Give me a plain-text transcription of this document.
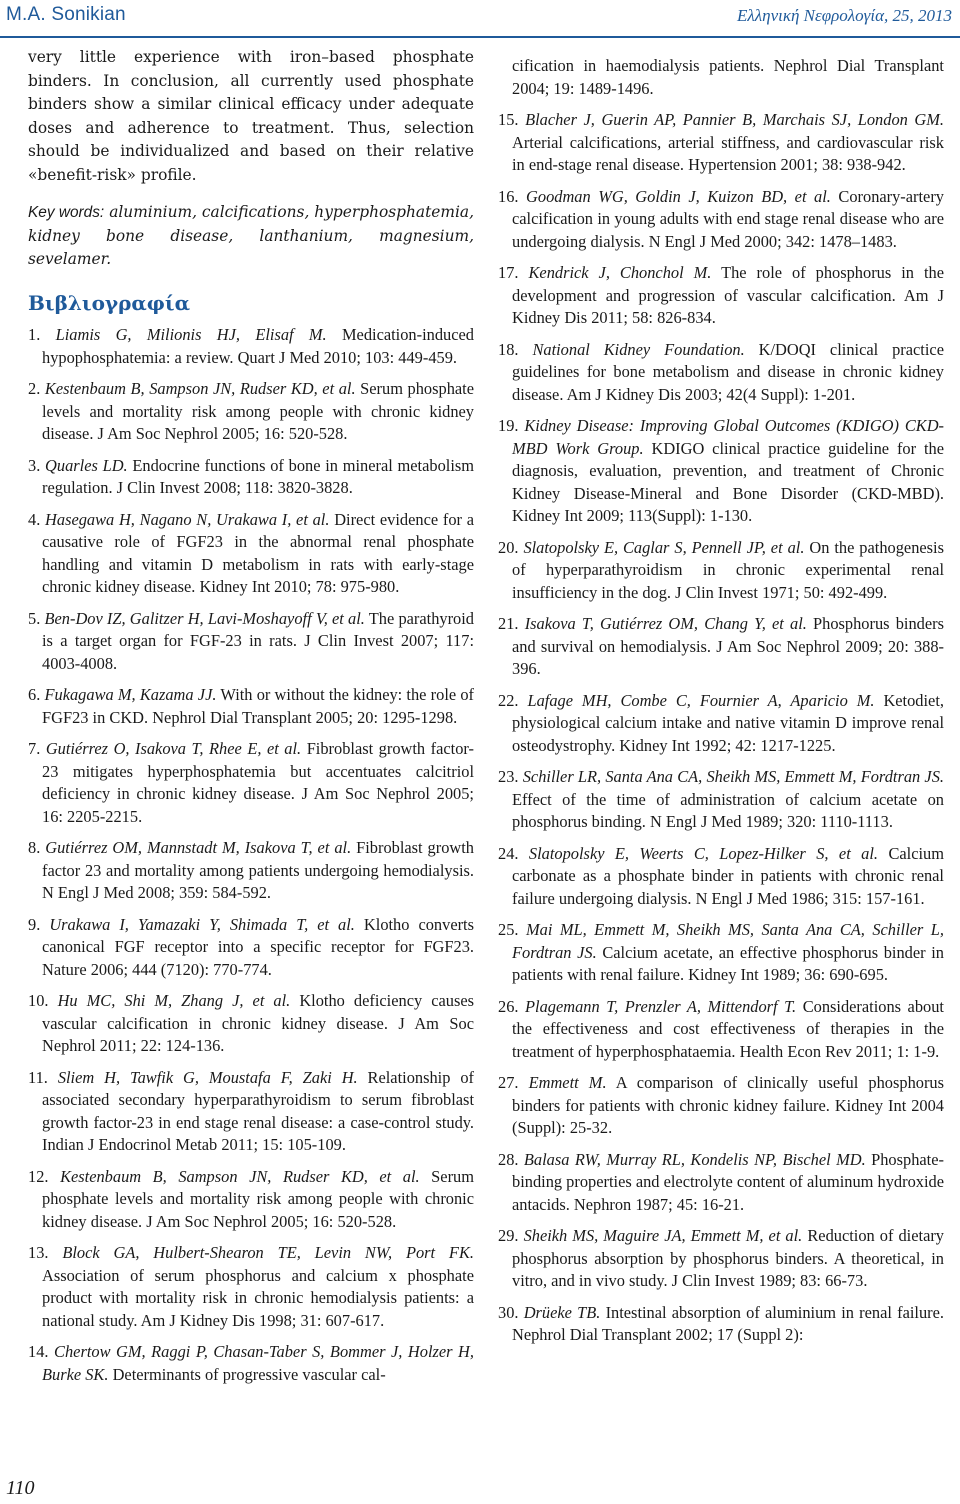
M.A. Sonikian	Ελληνική Νεφρολογία, 25, 2013

very little experience with iron–based phosphate binders. In conclusion, all currently used phosphate binders show a similar clinical efficacy under adequate doses and adherence to treatment. Thus, selection should be individualized and based on their relative «benefit-risk» profile.

Key words: aluminium, calcifications, hyperphosphatemia, kidney bone disease, lanthanium, magnesium, sevelamer.

Βιβλιογραφία
1. Liamis G, Milionis HJ, Elisaf M. Medication-induced hypophosphatemia: a review. Quart J Med 2010; 103: 449-459.
2. Kestenbaum B, Sampson JN, Rudser KD, et al. Serum phosphate levels and mortality risk among people with chronic kidney disease. J Am Soc Nephrol 2005; 16: 520-528.
3. Quarles LD. Endocrine functions of bone in mineral metabolism regulation. J Clin Invest 2008; 118: 3820-3828.
4. Hasegawa H, Nagano N, Urakawa I, et al. Direct evidence for a causative role of FGF23 in the abnormal renal phosphate handling and vitamin D metabolism in rats with early-stage chronic kidney disease. Kidney Int 2010; 78: 975-980.
5. Ben-Dov IZ, Galitzer H, Lavi-Moshayoff V, et al. The parathyroid is a target organ for FGF-23 in rats. J Clin Invest 2007; 117: 4003-4008.
6. Fukagawa M, Kazama JJ. With or without the kidney: the role of FGF23 in CKD. Nephrol Dial Transplant 2005; 20: 1295-1298.
7. Gutiérrez O, Isakova T, Rhee E, et al. Fibroblast growth factor-23 mitigates hyperphosphatemia but accentuates calcitriol deficiency in chronic kidney disease. J Am Soc Nephrol 2005; 16: 2205-2215.
8. Gutiérrez OM, Mannstadt M, Isakova T, et al. Fibroblast growth factor 23 and mortality among patients undergoing hemodialysis. N Engl J Med 2008; 359: 584-592.
9. Urakawa I, Yamazaki Y, Shimada T, et al. Klotho converts canonical FGF receptor into a specific receptor for FGF23. Nature 2006; 444 (7120): 770-774.
10. Hu MC, Shi M, Zhang J, et al. Klotho deficiency causes vascular calcification in chronic kidney disease. J Am Soc Nephrol 2011; 22: 124-136.
11. Sliem H, Tawfik G, Moustafa F, Zaki H. Relationship of associated secondary hyperparathyroidism to serum fibroblast growth factor-23 in end stage renal disease: a case-control study. Indian J Endocrinol Metab 2011; 15: 105-109.
12. Kestenbaum B, Sampson JN, Rudser KD, et al. Serum phosphate levels and mortality risk among people with chronic kidney disease. J Am Soc Nephrol 2005; 16: 520-528.
13. Block GA, Hulbert-Shearon TE, Levin NW, Port FK. Association of serum phosphorus and calcium x phosphate product with mortality risk in chronic hemodialysis patients: a national study. Am J Kidney Dis 1998; 31: 607-617.
14. Chertow GM, Raggi P, Chasan-Taber S, Bommer J, Holzer H, Burke SK. Determinants of progressive vascular cal-
cification in haemodialysis patients. Nephrol Dial Transplant 2004; 19: 1489-1496.
15. Blacher J, Guerin AP, Pannier B, Marchais SJ, London GM. Arterial calcifications, arterial stiffness, and cardiovascular risk in end-stage renal disease. Hypertension 2001; 38: 938-942.
16. Goodman WG, Goldin J, Kuizon BD, et al. Coronary-artery calcification in young adults with end stage renal disease who are undergoing dialysis. N Engl J Med 2000; 342: 1478–1483.
17. Kendrick J, Chonchol M. The role of phosphorus in the development and progression of vascular calcification. Am J Kidney Dis 2011; 58: 826-834.
18. National Kidney Foundation. K/DOQI clinical practice guidelines for bone metabolism and disease in chronic kidney disease. Am J Kidney Dis 2003; 42(4 Suppl): 1-201.
19. Kidney Disease: Improving Global Outcomes (KDIGO) CKD-MBD Work Group. KDIGO clinical practice guideline for the diagnosis, evaluation, prevention, and treatment of Chronic Kidney Disease-Mineral and Bone Disorder (CKD-MBD). Kidney Int 2009; 113(Suppl): 1-130.
20. Slatopolsky E, Caglar S, Pennell JP, et al. On the pathogenesis of hyperparathyroidism in chronic experimental renal insufficiency in the dog. J Clin Invest 1971; 50: 492-499.
21. Isakova T, Gutiérrez OM, Chang Y, et al. Phosphorus binders and survival on hemodialysis. J Am Soc Nephrol 2009; 20: 388-396.
22. Lafage MH, Combe C, Fournier A, Aparicio M. Ketodiet, physiological calcium intake and native vitamin D improve renal osteodystrophy. Kidney Int 1992; 42: 1217-1225.
23. Schiller LR, Santa Ana CA, Sheikh MS, Emmett M, Fordtran JS. Effect of the time of administration of calcium acetate on phosphorus binding. N Engl J Med 1989; 320: 1110-1113.
24. Slatopolsky E, Weerts C, Lopez-Hilker S, et al. Calcium carbonate as a phosphate binder in patients with chronic renal failure undergoing dialysis. N Engl J Med 1986; 315: 157-161.
25. Mai ML, Emmett M, Sheikh MS, Santa Ana CA, Schiller L, Fordtran JS. Calcium acetate, an effective phosphorus binder in patients with renal failure. Kidney Int 1989; 36: 690-695.
26. Plagemann T, Prenzler A, Mittendorf T. Considerations about the effectiveness and cost effectiveness of therapies in the treatment of hyperphosphataemia. Health Econ Rev 2011; 1: 1-9.
27. Emmett M. A comparison of clinically useful phosphorus binders for patients with chronic kidney failure. Kidney Int 2004 (Suppl): 25-32.
28. Balasa RW, Murray RL, Kondelis NP, Bischel MD. Phosphate-binding properties and electrolyte content of aluminum hydroxide antacids. Nephron 1987; 45: 16-21.
29. Sheikh MS, Maguire JA, Emmett M, et al. Reduction of dietary phosphorus absorption by phosphorus binders. A theoretical, in vitro, and in vivo study. J Clin Invest 1989; 83: 66-73.
30. Drüeke TB. Intestinal absorption of aluminium in renal failure. Nephrol Dial Transplant 2002; 17 (Suppl 2):
110
